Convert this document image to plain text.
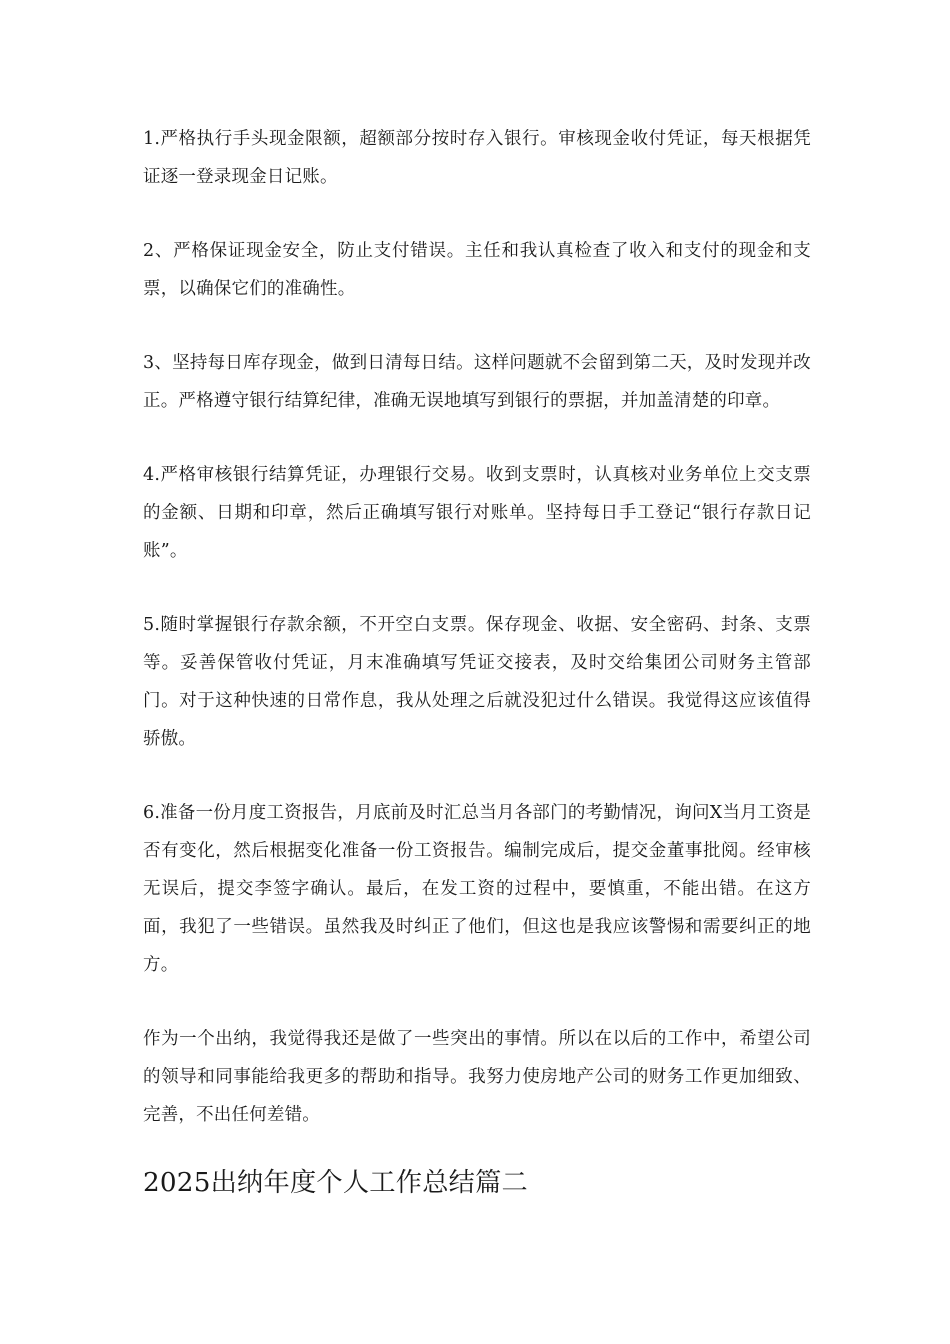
1.严格执行手头现金限额，超额部分按时存入银行。审核现金收付凭证，每天根据凭证逐一登录现金日记账。

2、严格保证现金安全，防止支付错误。主任和我认真检查了收入和支付的现金和支票，以确保它们的准确性。

3、坚持每日库存现金，做到日清每日结。这样问题就不会留到第二天，及时发现并改正。严格遵守银行结算纪律，准确无误地填写到银行的票据，并加盖清楚的印章。

4.严格审核银行结算凭证，办理银行交易。收到支票时，认真核对业务单位上交支票的金额、日期和印章，然后正确填写银行对账单。坚持每日手工登记“银行存款日记账”。

5.随时掌握银行存款余额，不开空白支票。保存现金、收据、安全密码、封条、支票等。妥善保管收付凭证，月末准确填写凭证交接表，及时交给集团公司财务主管部门。对于这种快速的日常作息，我从处理之后就没犯过什么错误。我觉得这应该值得骄傲。

6.准备一份月度工资报告，月底前及时汇总当月各部门的考勤情况，询问X当月工资是否有变化，然后根据变化准备一份工资报告。编制完成后，提交金董事批阅。经审核无误后，提交李签字确认。最后，在发工资的过程中，要慎重，不能出错。在这方面，我犯了一些错误。虽然我及时纠正了他们，但这也是我应该警惕和需要纠正的地方。

作为一个出纳，我觉得我还是做了一些突出的事情。所以在以后的工作中，希望公司的领导和同事能给我更多的帮助和指导。我努力使房地产公司的财务工作更加细致、完善，不出任何差错。

2025出纳年度个人工作总结篇二
